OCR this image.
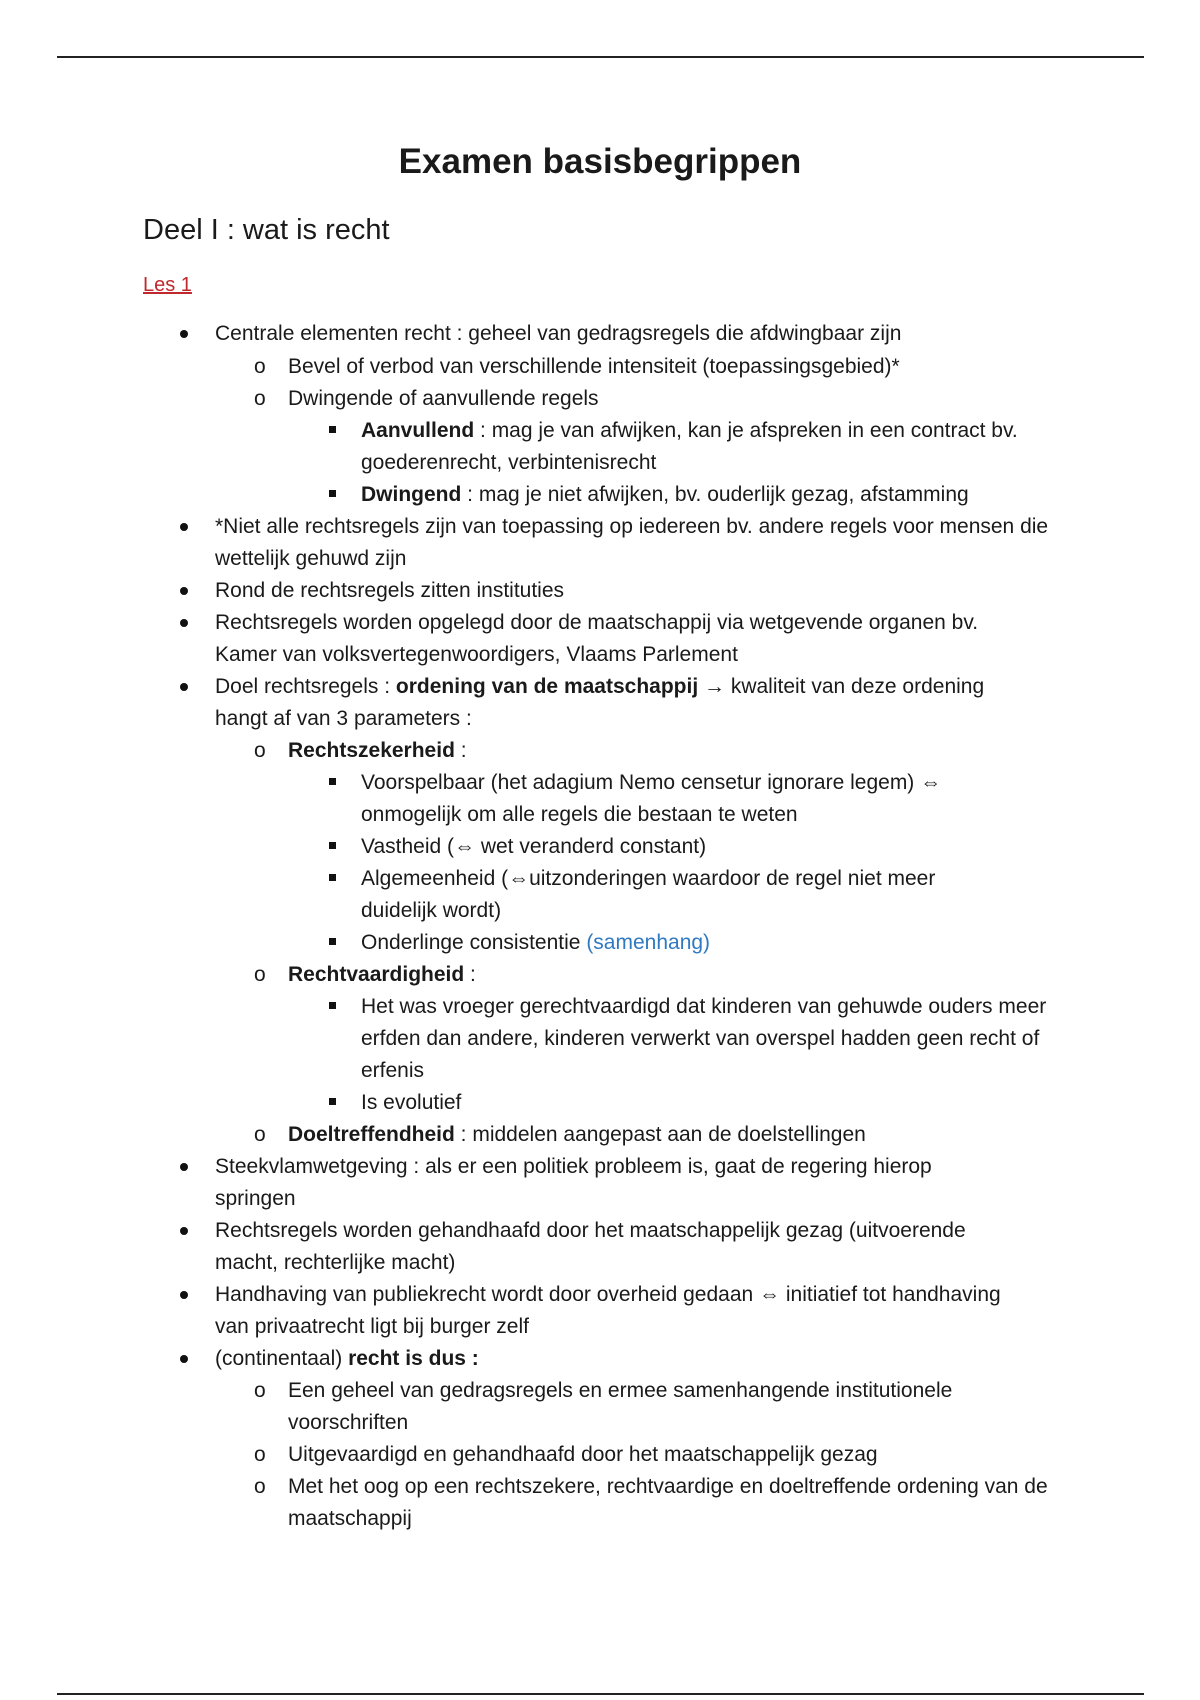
Examen basisbegrippen
Deel I : wat is recht

Les 1

Centrale elementen recht : geheel van gedragsregels die afdwingbaar zijn
o Bevel of verbod van verschillende intensiteit (toepassingsgebied)*
o Dwingende of aanvullende regels
Aanvullend : mag je van afwijken, kan je afspreken in een contract bv. goederenrecht, verbintenisrecht
Dwingend : mag je niet afwijken, bv. ouderlijk gezag, afstamming
*Niet alle rechtsregels zijn van toepassing op iedereen bv. andere regels voor mensen die wettelijk gehuwd zijn
Rond de rechtsregels zitten instituties
Rechtsregels worden opgelegd door de maatschappij via wetgevende organen bv. Kamer van volksvertegenwoordigers, Vlaams Parlement
Doel rechtsregels : ordening van de maatschappij → kwaliteit van deze ordening hangt af van 3 parameters :
o Rechtszekerheid :
Voorspelbaar (het adagium Nemo censetur ignorare legem) ⇔ onmogelijk om alle regels die bestaan te weten
Vastheid (⇔ wet veranderd constant)
Algemeenheid (⇔uitzonderingen waardoor de regel niet meer duidelijk wordt)
Onderlinge consistentie (samenhang)
o Rechtvaardigheid :
Het was vroeger gerechtvaardigd dat kinderen van gehuwde ouders meer erfden dan andere, kinderen verwerkt van overspel hadden geen recht of erfenis
Is evolutief
o Doeltreffendheid : middelen aangepast aan de doelstellingen
Steekvlamwetgeving : als er een politiek probleem is, gaat de regering hierop springen
Rechtsregels worden gehandhaafd door het maatschappelijk gezag (uitvoerende macht, rechterlijke macht)
Handhaving van publiekrecht wordt door overheid gedaan ⇔ initiatief tot handhaving van privaatrecht ligt bij burger zelf
(continentaal) recht is dus :
o Een geheel van gedragsregels en ermee samenhangende institutionele voorschriften
o Uitgevaardigd en gehandhaafd door het maatschappelijk gezag
o Met het oog op een rechtszekere, rechtvaardige en doeltreffende ordening van de maatschappij
